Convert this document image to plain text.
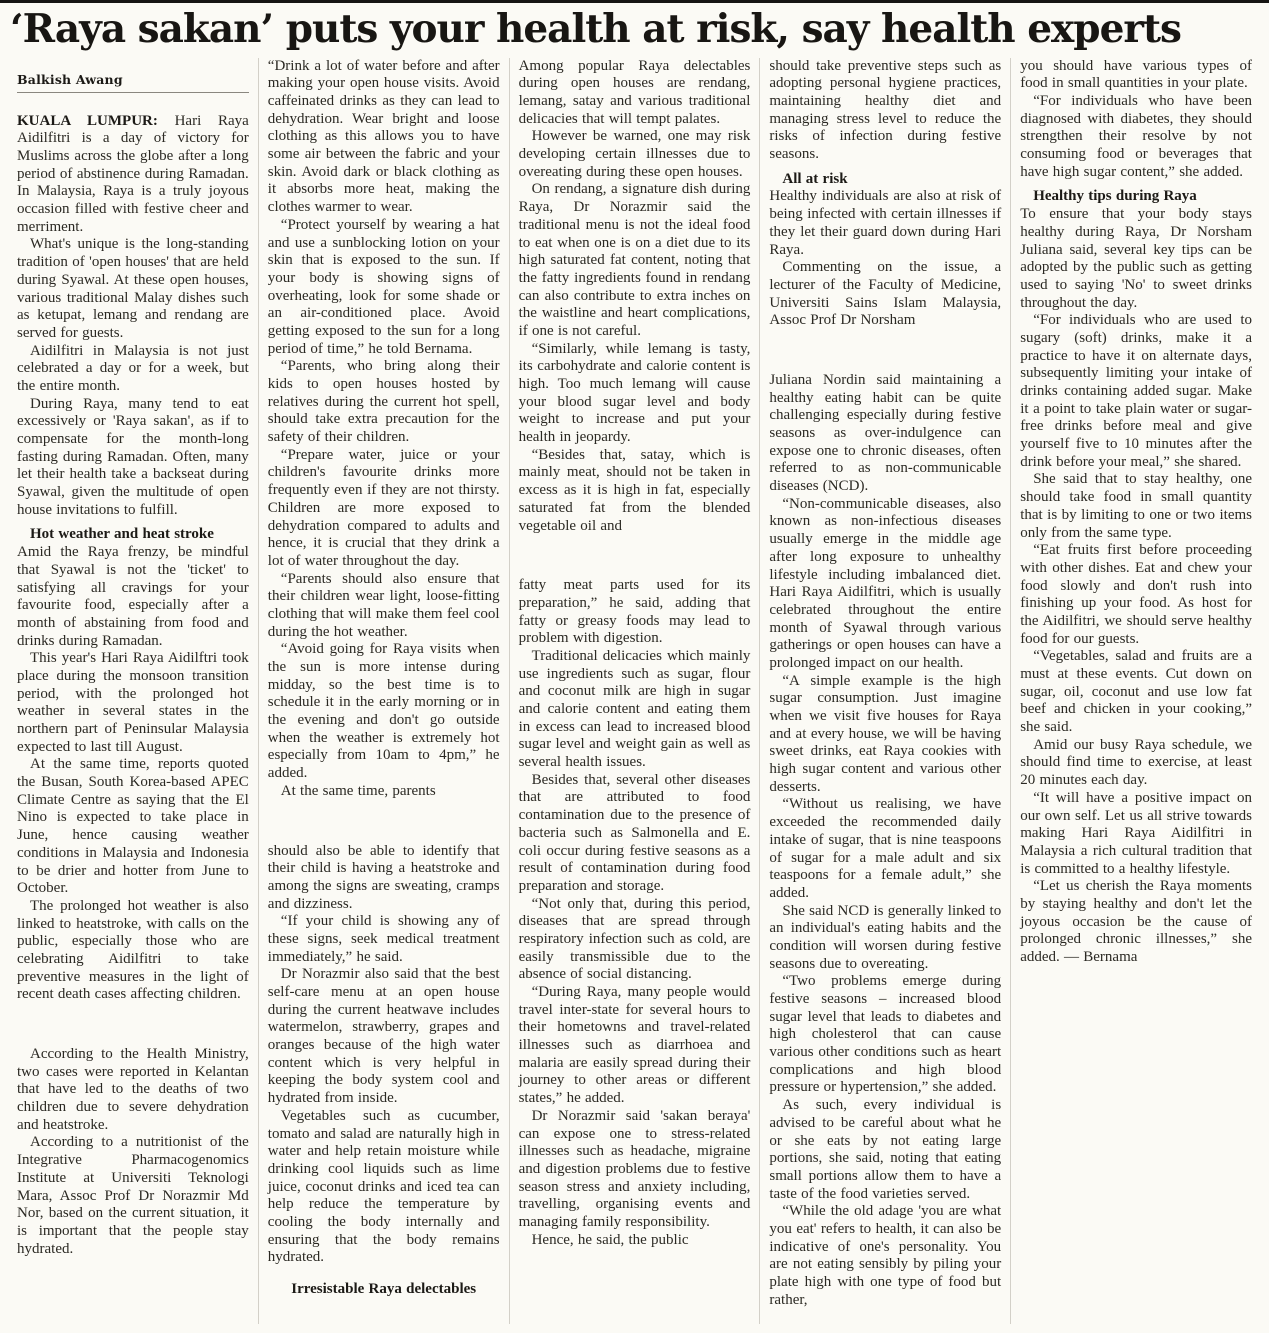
‘Raya sakan’ puts your health at risk, say health experts
Balkish Awang

KUALA LUMPUR: Hari Raya Aidilfitri is a day of victory for Muslims across the globe after a long period of abstinence during Ramadan. In Malaysia, Raya is a truly joyous occasion filled with festive cheer and merriment.

What's unique is the long-standing tradition of 'open houses' that are held during Syawal. At these open houses, various traditional Malay dishes such as ketupat, lemang and rendang are served for guests.

Aidilfitri in Malaysia is not just celebrated a day or for a week, but the entire month.

During Raya, many tend to eat excessively or 'Raya sakan', as if to compensate for the month-long fasting during Ramadan. Often, many let their health take a backseat during Syawal, given the multitude of open house invitations to fulfill.

Hot weather and heat stroke

Amid the Raya frenzy, be mindful that Syawal is not the 'ticket' to satisfying all cravings for your favourite food, especially after a month of abstaining from food and drinks during Ramadan.

This year's Hari Raya Aidilftri took place during the monsoon transition period, with the prolonged hot weather in several states in the northern part of Peninsular Malaysia expected to last till August.

At the same time, reports quoted the Busan, South Korea-based APEC Climate Centre as saying that the El Nino is expected to take place in June, hence causing weather conditions in Malaysia and Indonesia to be drier and hotter from June to October.

The prolonged hot weather is also linked to heatstroke, with calls on the public, especially those who are celebrating Aidilfitri to take preventive measures in the light of recent death cases affecting children.

According to the Health Ministry, two cases were reported in Kelantan that have led to the deaths of two children due to severe dehydration and heatstroke.

According to a nutritionist of the Integrative Pharmacogenomics Institute at Universiti Teknologi Mara, Assoc Prof Dr Norazmir Md Nor, based on the current situation, it is important that the people stay hydrated.

“Drink a lot of water before and after making your open house visits. Avoid caffeinated drinks as they can lead to dehydration. Wear bright and loose clothing as this allows you to have some air between the fabric and your skin. Avoid dark or black clothing as it absorbs more heat, making the clothes warmer to wear.

“Protect yourself by wearing a hat and use a sunblocking lotion on your skin that is exposed to the sun. If your body is showing signs of overheating, look for some shade or an air-conditioned place. Avoid getting exposed to the sun for a long period of time,” he told Bernama.

“Parents, who bring along their kids to open houses hosted by relatives during the current hot spell, should take extra precaution for the safety of their children.

“Prepare water, juice or your children's favourite drinks more frequently even if they are not thirsty. Children are more exposed to dehydration compared to adults and hence, it is crucial that they drink a lot of water throughout the day.

“Parents should also ensure that their children wear light, loose-fitting clothing that will make them feel cool during the hot weather.

“Avoid going for Raya visits when the sun is more intense during midday, so the best time is to schedule it in the early morning or in the evening and don't go outside when the weather is extremely hot especially from 10am to 4pm,” he added.

At the same time, parents

should also be able to identify that their child is having a heatstroke and among the signs are sweating, cramps and dizziness.

“If your child is showing any of these signs, seek medical treatment immediately,” he said.

Dr Norazmir also said that the best self-care menu at an open house during the current heatwave includes watermelon, strawberry, grapes and oranges because of the high water content which is very helpful in keeping the body system cool and hydrated from inside.

Vegetables such as cucumber, tomato and salad are naturally high in water and help retain moisture while drinking cool liquids such as lime juice, coconut drinks and iced tea can help reduce the temperature by cooling the body internally and ensuring that the body remains hydrated.

Irresistable Raya delectables

Among popular Raya delectables during open houses are rendang, lemang, satay and various traditional delicacies that will tempt palates.

However be warned, one may risk developing certain illnesses due to overeating during these open houses.

On rendang, a signature dish during Raya, Dr Norazmir said the traditional menu is not the ideal food to eat when one is on a diet due to its high saturated fat content, noting that the fatty ingredients found in rendang can also contribute to extra inches on the waistline and heart complications, if one is not careful.

“Similarly, while lemang is tasty, its carbohydrate and calorie content is high. Too much lemang will cause your blood sugar level and body weight to increase and put your health in jeopardy.

“Besides that, satay, which is mainly meat, should not be taken in excess as it is high in fat, especially saturated fat from the blended vegetable oil and

fatty meat parts used for its preparation,” he said, adding that fatty or greasy foods may lead to problem with digestion.

Traditional delicacies which mainly use ingredients such as sugar, flour and coconut milk are high in sugar and calorie content and eating them in excess can lead to increased blood sugar level and weight gain as well as several health issues.

Besides that, several other diseases that are attributed to food contamination due to the presence of bacteria such as Salmonella and E. coli occur during festive seasons as a result of contamination during food preparation and storage.

“Not only that, during this period, diseases that are spread through respiratory infection such as cold, are easily transmissible due to the absence of social distancing.

“During Raya, many people would travel inter-state for several hours to their hometowns and travel-related illnesses such as diarrhoea and malaria are easily spread during their journey to other areas or different states,” he added.

Dr Norazmir said 'sakan beraya' can expose one to stress-related illnesses such as headache, migraine and digestion problems due to festive season stress and anxiety including, travelling, organising events and managing family responsibility.

Hence, he said, the public

should take preventive steps such as adopting personal hygiene practices, maintaining healthy diet and managing stress level to reduce the risks of infection during festive seasons.

All at risk

Healthy individuals are also at risk of being infected with certain illnesses if they let their guard down during Hari Raya.

Commenting on the issue, a lecturer of the Faculty of Medicine, Universiti Sains Islam Malaysia, Assoc Prof Dr Norsham

Juliana Nordin said maintaining a healthy eating habit can be quite challenging especially during festive seasons as over-indulgence can expose one to chronic diseases, often referred to as non-communicable diseases (NCD).

“Non-communicable diseases, also known as non-infectious diseases usually emerge in the middle age after long exposure to unhealthy lifestyle including imbalanced diet. Hari Raya Aidilfitri, which is usually celebrated throughout the entire month of Syawal through various gatherings or open houses can have a prolonged impact on our health.

“A simple example is the high sugar consumption. Just imagine when we visit five houses for Raya and at every house, we will be having sweet drinks, eat Raya cookies with high sugar content and various other desserts.

“Without us realising, we have exceeded the recommended daily intake of sugar, that is nine teaspoons of sugar for a male adult and six teaspoons for a female adult,” she added.

She said NCD is generally linked to an individual's eating habits and the condition will worsen during festive seasons due to overeating.

“Two problems emerge during festive seasons – increased blood sugar level that leads to diabetes and high cholesterol that can cause various other conditions such as heart complications and high blood pressure or hypertension,” she added.

As such, every individual is advised to be careful about what he or she eats by not eating large portions, she said, noting that eating small portions allow them to have a taste of the food varieties served.

“While the old adage 'you are what you eat' refers to health, it can also be indicative of one's personality. You are not eating sensibly by piling your plate high with one type of food but rather,

you should have various types of food in small quantities in your plate.

“For individuals who have been diagnosed with diabetes, they should strengthen their resolve by not consuming food or beverages that have high sugar content,” she added.

Healthy tips during Raya

To ensure that your body stays healthy during Raya, Dr Norsham Juliana said, several key tips can be adopted by the public such as getting used to saying 'No' to sweet drinks throughout the day.

“For individuals who are used to sugary (soft) drinks, make it a practice to have it on alternate days, subsequently limiting your intake of drinks containing added sugar. Make it a point to take plain water or sugar-free drinks before meal and give yourself five to 10 minutes after the drink before your meal,” she shared.

She said that to stay healthy, one should take food in small quantity that is by limiting to one or two items only from the same type.

“Eat fruits first before proceeding with other dishes. Eat and chew your food slowly and don't rush into finishing up your food. As host for the Aidilfitri, we should serve healthy food for our guests.

“Vegetables, salad and fruits are a must at these events. Cut down on sugar, oil, coconut and use low fat beef and chicken in your cooking,” she said.

Amid our busy Raya schedule, we should find time to exercise, at least 20 minutes each day.

“It will have a positive impact on our own self. Let us all strive towards making Hari Raya Aidilfitri in Malaysia a rich cultural tradition that is committed to a healthy lifestyle.

“Let us cherish the Raya moments by staying healthy and don't let the joyous occasion be the cause of prolonged chronic illnesses,” she added. — Bernama
